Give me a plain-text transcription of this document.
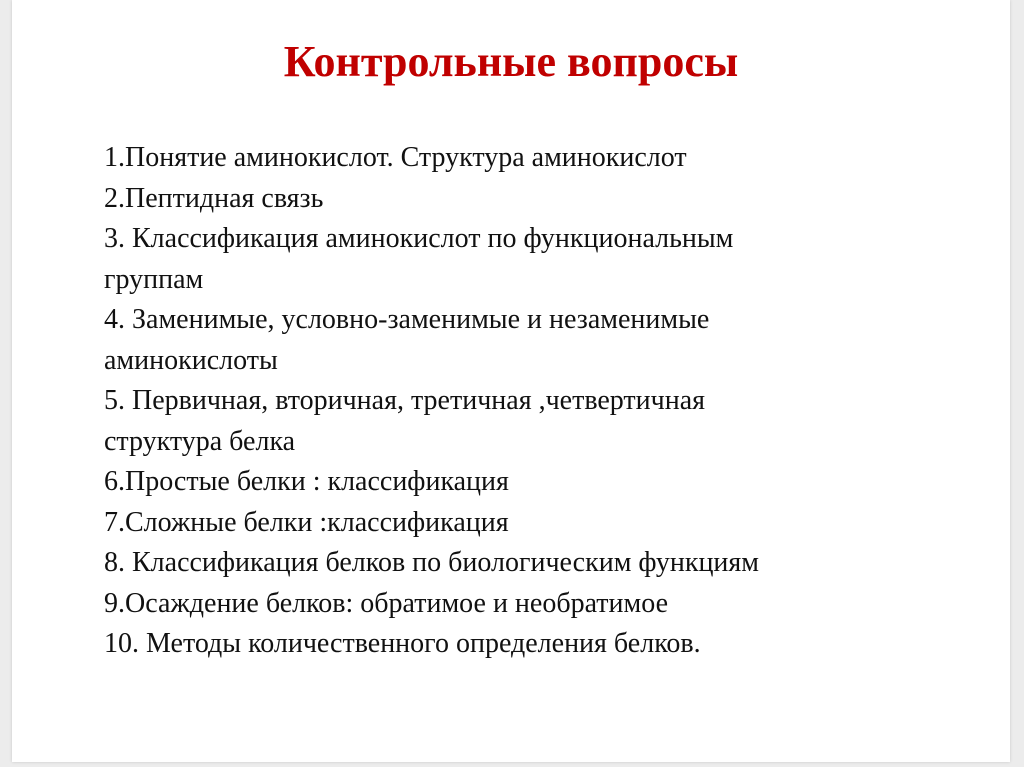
Контрольные вопросы
1.Понятие аминокислот. Структура аминокислот
2.Пептидная связь
3. Классификация аминокислот по функциональным
группам
4. Заменимые, условно-заменимые и незаменимые
аминокислоты
5. Первичная, вторичная, третичная ,четвертичная
структура белка
6.Простые белки : классификация
7.Сложные белки :классификация
8. Классификация белков по биологическим функциям
9.Осаждение белков: обратимое и необратимое
10. Методы количественного определения белков.
